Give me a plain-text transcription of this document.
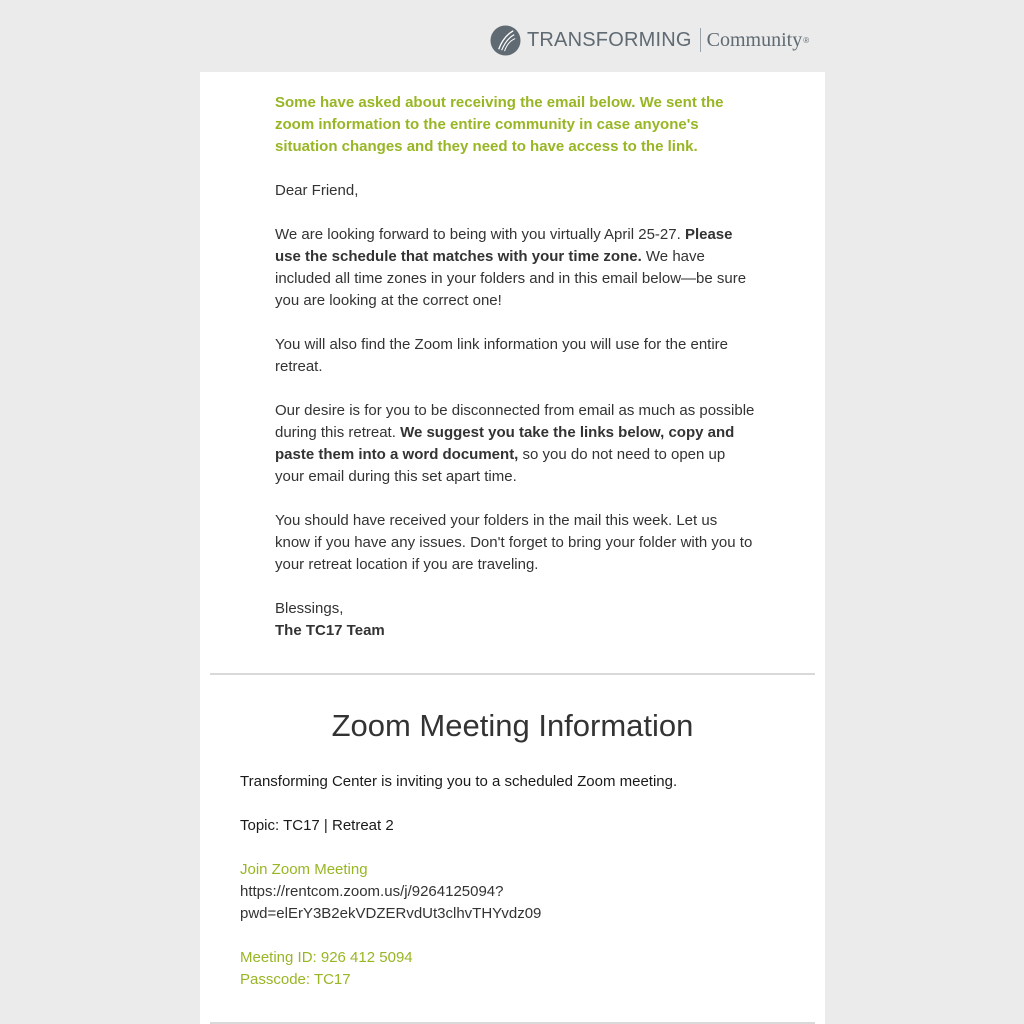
TRANSFORMING Community ®

Some have asked about receiving the email below. We sent the zoom information to the entire community in case anyone's situation changes and they need to have access to the link.

Dear Friend,

We are looking forward to being with you virtually April 25-27. Please use the schedule that matches with your time zone. We have included all time zones in your folders and in this email below—be sure you are looking at the correct one!

You will also find the Zoom link information you will use for the entire retreat.

Our desire is for you to be disconnected from email as much as possible during this retreat. We suggest you take the links below, copy and paste them into a word document, so you do not need to open up your email during this set apart time.

You should have received your folders in the mail this week. Let us know if you have any issues. Don't forget to bring your folder with you to your retreat location if you are traveling.

Blessings,
The TC17 Team
Zoom Meeting Information

Transforming Center is inviting you to a scheduled Zoom meeting.

Topic: TC17 | Retreat 2

Join Zoom Meeting
https://rentcom.zoom.us/j/9264125094?

pwd=elErY3B2ekVDZERvdUt3clhvTHYvdz09

Meeting ID: 926 412 5094
Passcode: TC17
